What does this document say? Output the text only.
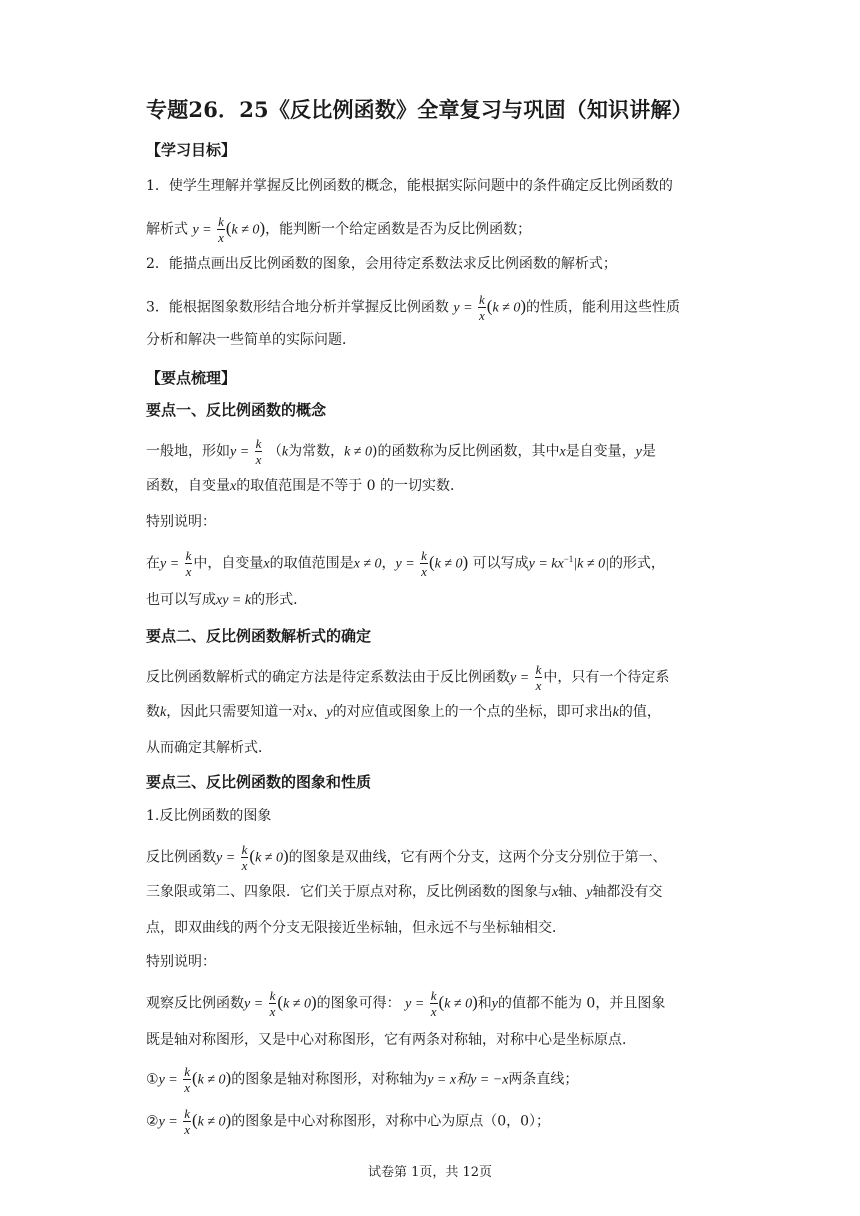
专题26．25《反比例函数》全章复习与巩固（知识讲解）
【学习目标】
1．使学生理解并掌握反比例函数的概念，能根据实际问题中的条件确定反比例函数的
解析式 $y = \frac{k}{x} (k \ne 0)$，能判断一个给定函数是否为反比例函数；
2．能描点画出反比例函数的图象，会用待定系数法求反比例函数的解析式；
3．能根据图象数形结合地分析并掌握反比例函数 $y = \frac{k}{x} (k \ne 0)$的性质，能利用这些性质
分析和解决一些简单的实际问题．
【要点梳理】
要点一、反比例函数的概念
一般地，形如$y = \frac{k}{x} (k$为常数，k ≠ 0)的函数称为反比例函数，其中x是自变量，y是
函数，自变量x的取值范围是不等于 0 的一切实数．
特别说明：
在$y = \frac{k}{x}$ 中，自变量x的取值范围是x ≠ 0，$y = \frac{k}{x} (k \ne 0)$ 可以写成$y = kx^{-1}|k \ne 0|$的形式，
也可以写成xy = k的形式．
要点二、反比例函数解析式的确定
反比例函数解析式的确定方法是待定系数法由于反比例函数$y = \frac{k}{x}$ 中，只有一个待定系
数k，因此只需要知道一对x、y的对应值或图象上的一个点的坐标，即可求出k的值，
从而确定其解析式．
要点三、反比例函数的图象和性质
1.反比例函数的图象
反比例函数$y = \frac{k}{x} (k \ne 0)$的图象是双曲线，它有两个分支，这两个分支分别位于第一、
三象限或第二、四象限．它们关于原点对称，反比例函数的图象与x轴、y轴都没有交
点，即双曲线的两个分支无限接近坐标轴，但永远不与坐标轴相交．
特别说明：
观察反比例函数$y = \frac{k}{x} (k \ne 0)$的图象可得： $y = \frac{k}{x} (k \ne 0)$和y的值都不能为 0，并且图象
既是轴对称图形，又是中心对称图形，它有两条对称轴，对称中心是坐标原点．
①y = $\frac{k}{x} (k \ne 0)$的图象是轴对称图形，对称轴为y = x和y = −x两条直线；
②y = $\frac{k}{x} (k \ne 0)$的图象是中心对称图形，对称中心为原点（0，0）；
试卷第 1页，共 12页
